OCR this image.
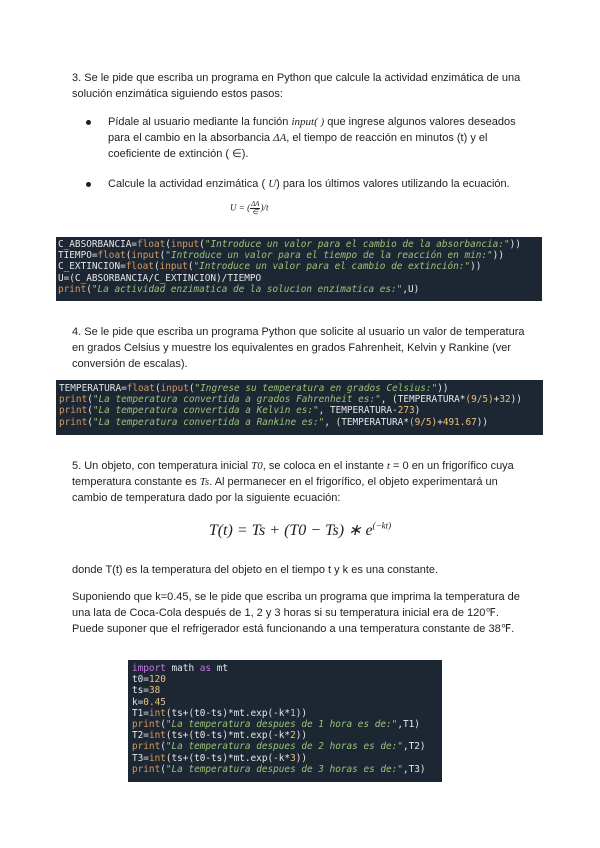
3. Se le pide que escriba un programa en Python que calcule la actividad enzimática de una solución enzimática siguiendo estos pasos:
Pídale al usuario mediante la función input( ) que ingrese algunos valores deseados para el cambio en la absorbancia ΔA, el tiempo de reacción en minutos (t) y el coeficiente de extinción ( ∈).
Calcule la actividad enzimática ( U) para los últimos valores utilizando la ecuación.
U = ( $\frac{\Delta A}{\in} )/t$
C_ABSORBANCIA=float(input("Introduce un valor para el cambio de la absorbancia:"))
TIEMPO=float(input("Introduce un valor para el tiempo de la reacción en min:"))
C_EXTINCION=float(input("Introduce un valor para el cambio de extinción:"))
U=(C_ABSORBANCIA/C_EXTINCION)/TIEMPO
print("La actividad enzimatica de la solucion enzimatica es:",U)
4. Se le pide que escriba un programa Python que solicite al usuario un valor de temperatura en grados Celsius y muestre los equivalentes en grados Fahrenheit, Kelvin y Rankine (ver conversión de escalas).
TEMPERATURA=float(input("Ingrese su temperatura en grados Celsius:"))
print("La temperatura convertida a grados Fahrenheit es:", (TEMPERATURA*(9/5)+32))
print("La temperatura convertida a Kelvin es:", TEMPERATURA-273)
print("La temperatura convertida a Rankine es:", (TEMPERATURA*(9/5)+491.67))
5. Un objeto, con temperatura inicial T0, se coloca en el instante t = 0 en un frigorífico cuya temperatura constante es Ts. Al permanecer en el frigorífico, el objeto experimentará un cambio de temperatura dado por la siguiente ecuación:
T(t) = Ts + (T0 − Ts) ∗ $e^{(-kt)}$
donde T(t) es la temperatura del objeto en el tiempo t y k es una constante.
Suponiendo que k=0.45, se le pide que escriba un programa que imprima la temperatura de una lata de Coca-Cola después de 1, 2 y 3 horas si su temperatura inicial era de 120℉. Puede suponer que el refrigerador está funcionando a una temperatura constante de 38℉.
import math as mt
t0=120
ts=38
k=0.45
T1=int(ts+(t0-ts)*mt.exp(-k*1))
print("La temperatura despues de 1 hora es de:",T1)
T2=int(ts+(t0-ts)*mt.exp(-k*2))
print("La temperatura despues de 2 horas es de:",T2)
T3=int(ts+(t0-ts)*mt.exp(-k*3))
print("La temperatura despues de 3 horas es de:",T3)
